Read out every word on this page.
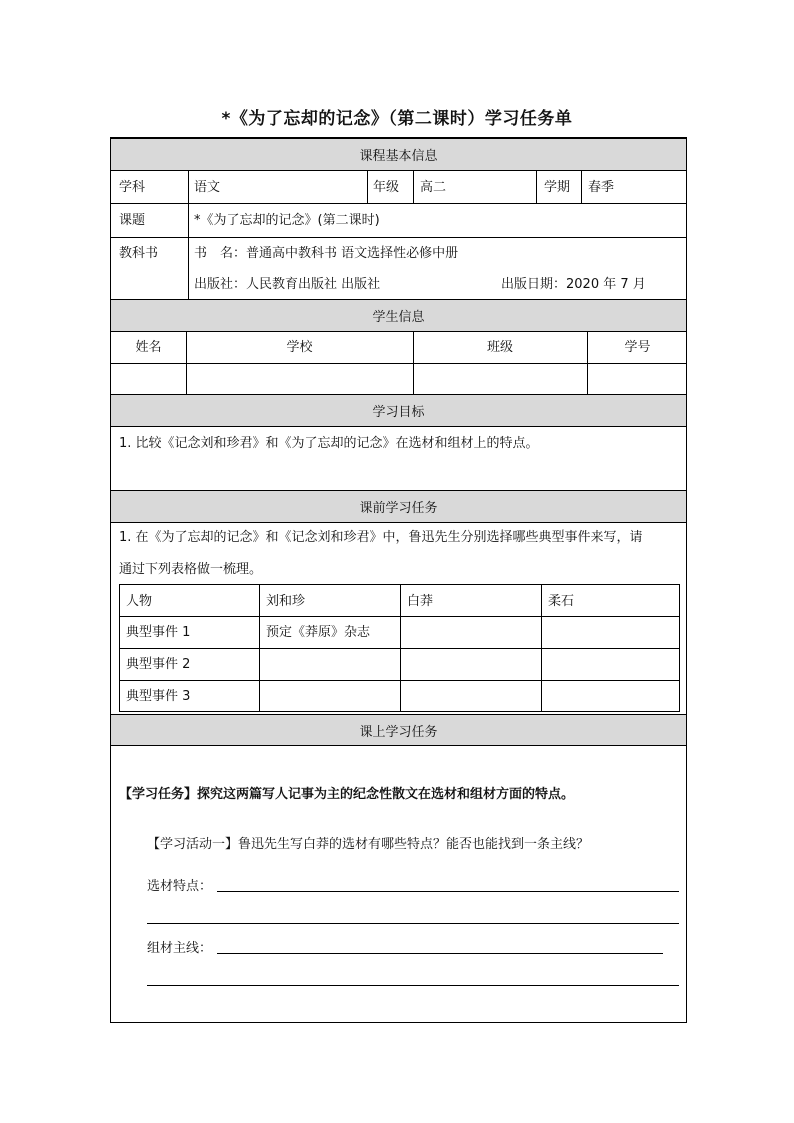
*《为了忘却的记念》（第二课时）学习任务单
课程基本信息
学科	语文	年级 高二	学期 春季
课题	*《为了忘却的记念》(第二课时)
教科书	书　名：普通高中教科书 语文选择性必修中册
出版社：人民教育出版社 出版社	出版日期：2020 年 7 月
学生信息
姓名	学校	班级	学号
学习目标
1. 比较《记念刘和珍君》和《为了忘却的记念》在选材和组材上的特点。
课前学习任务
1. 在《为了忘却的记念》和《记念刘和珍君》中，鲁迅先生分别选择哪些典型事件来写，请
通过下列表格做一梳理。
人物	刘和珍	白莽	柔石
典型事件 1	预定《莽原》杂志
典型事件 2
典型事件 3
课上学习任务
【学习任务】探究这两篇写人记事为主的纪念性散文在选材和组材方面的特点。
【学习活动一】鲁迅先生写白莽的选材有哪些特点？能否也能找到一条主线？
选材特点：
组材主线：
